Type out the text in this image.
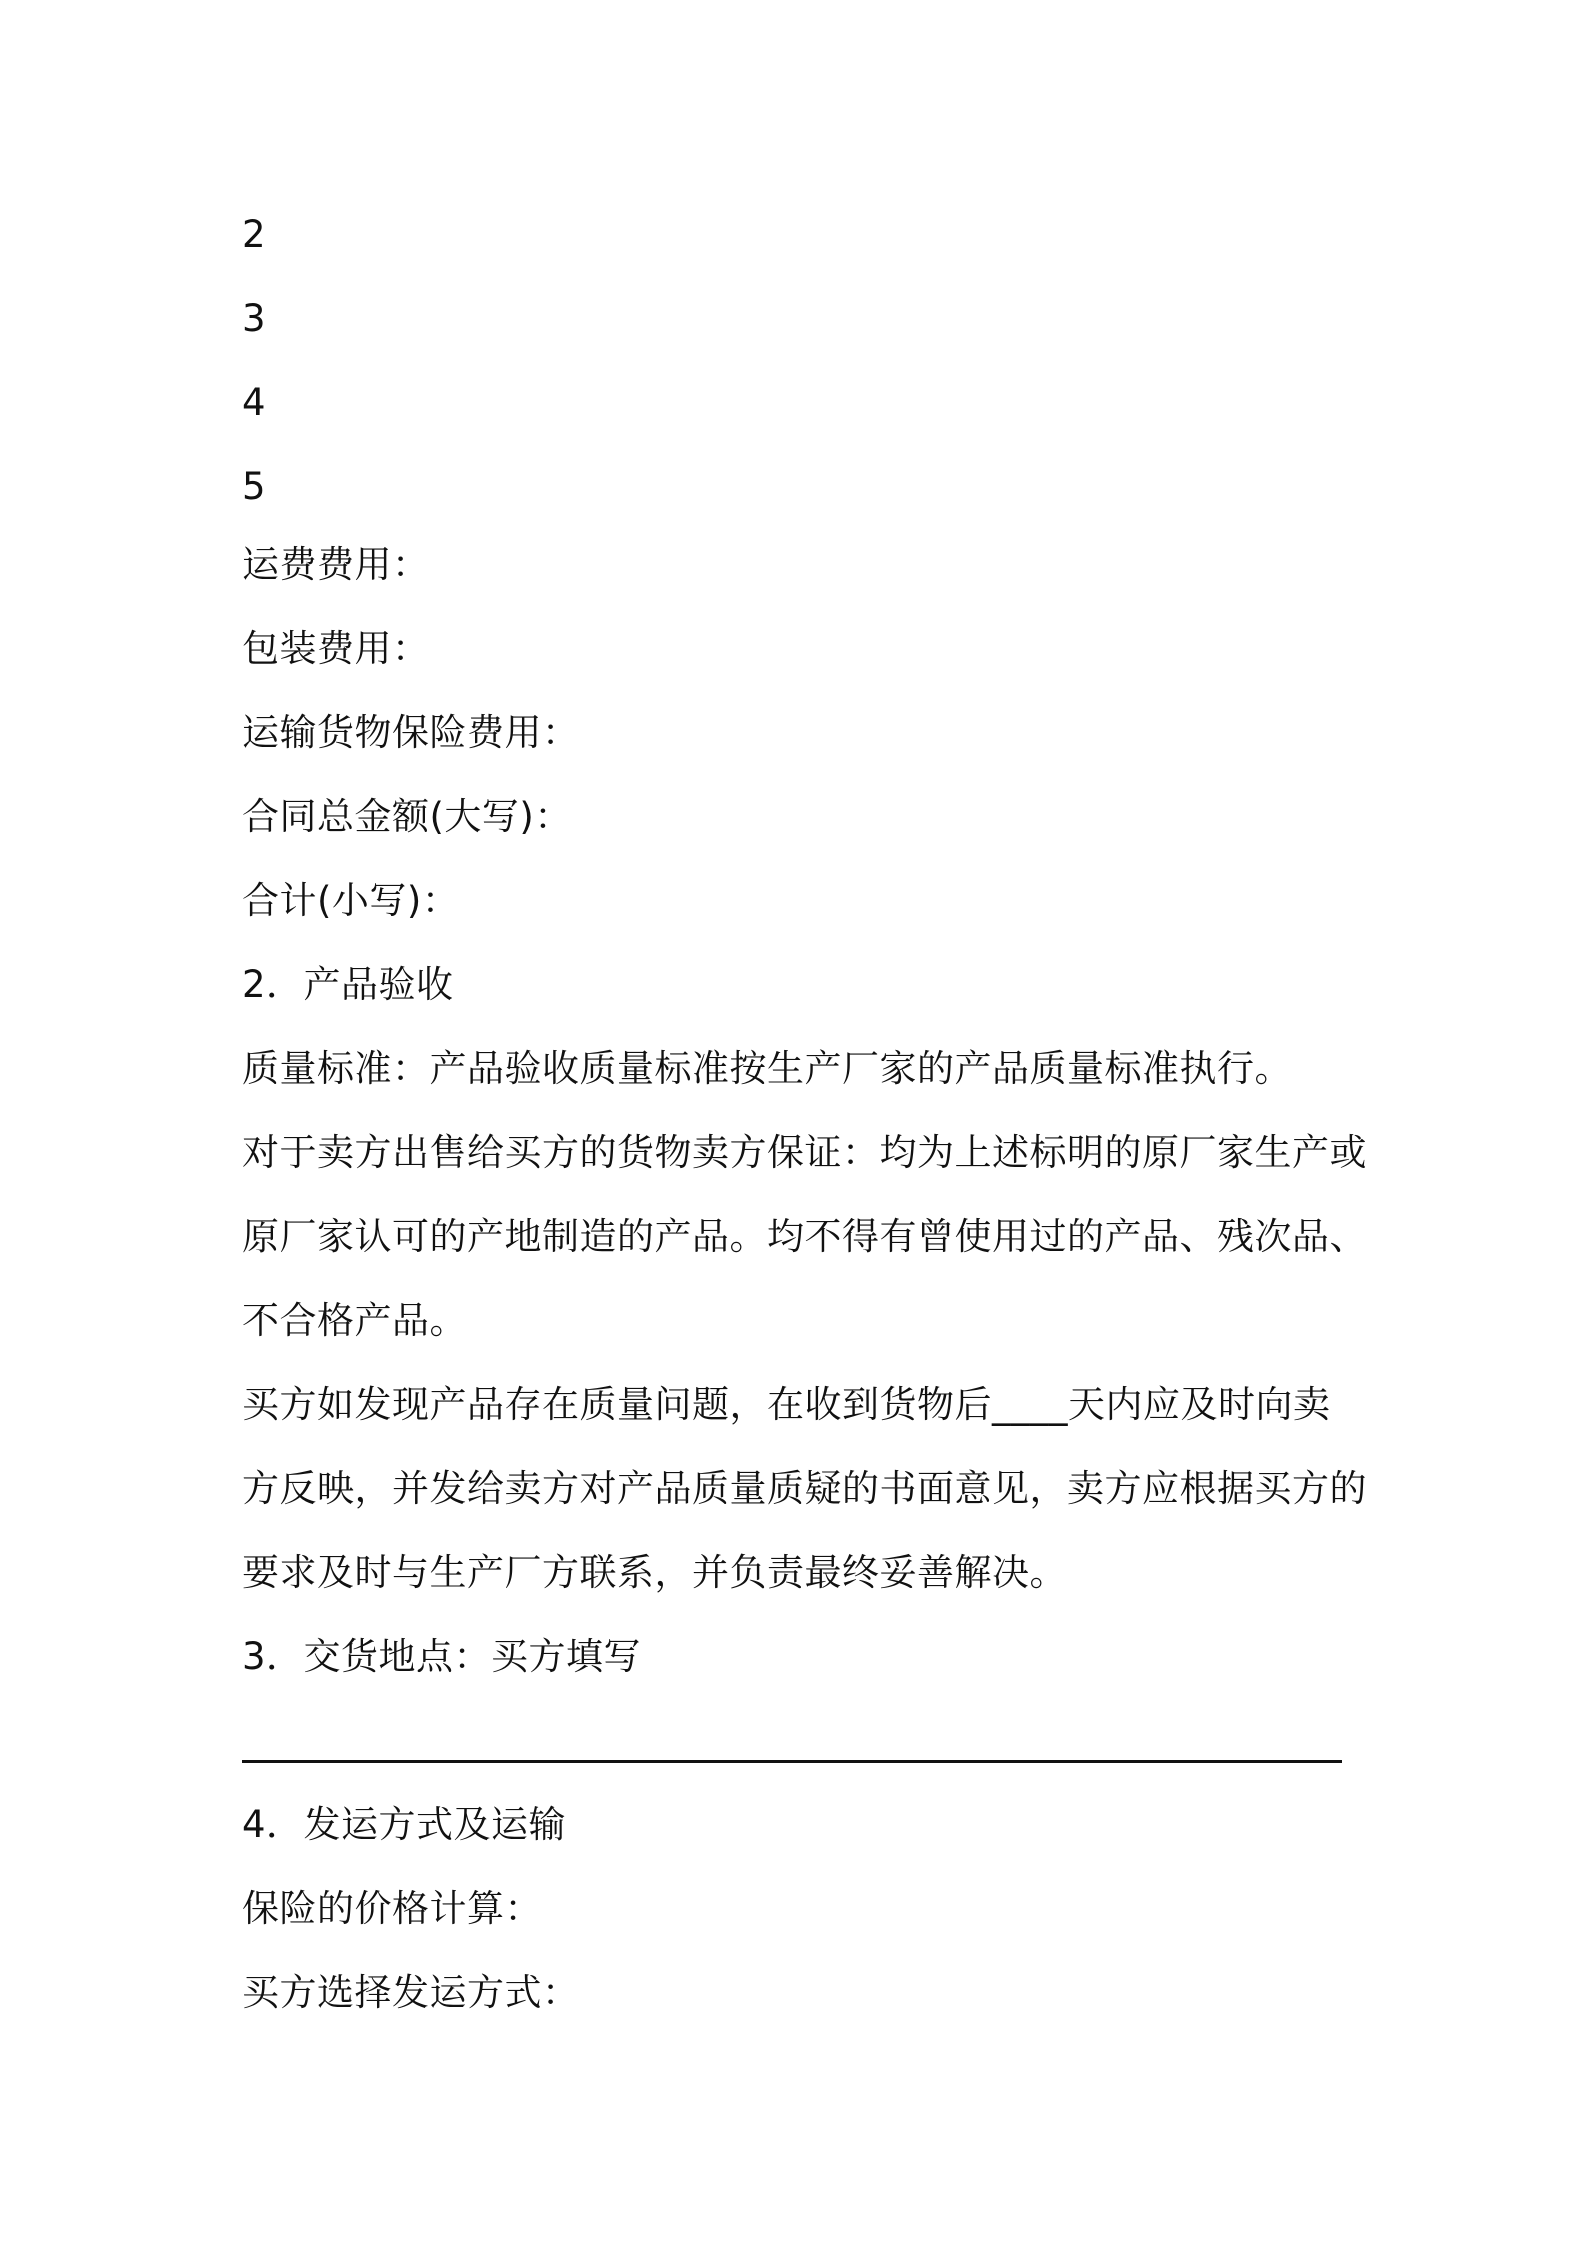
2
3
4
5
运费费用：
包装费用：
运输货物保险费用：
合同总金额(大写)：
合计(小写)：
2．产品验收
质量标准：产品验收质量标准按生产厂家的产品质量标准执行。
对于卖方出售给买方的货物卖方保证：均为上述标明的原厂家生产或
原厂家认可的产地制造的产品。均不得有曾使用过的产品、残次品、
不合格产品。
买方如发现产品存在质量问题，在收到货物后____天内应及时向卖
方反映，并发给卖方对产品质量质疑的书面意见，卖方应根据买方的
要求及时与生产厂方联系，并负责最终妥善解决。
3．交货地点：买方填写
4．发运方式及运输
保险的价格计算：
买方选择发运方式：
